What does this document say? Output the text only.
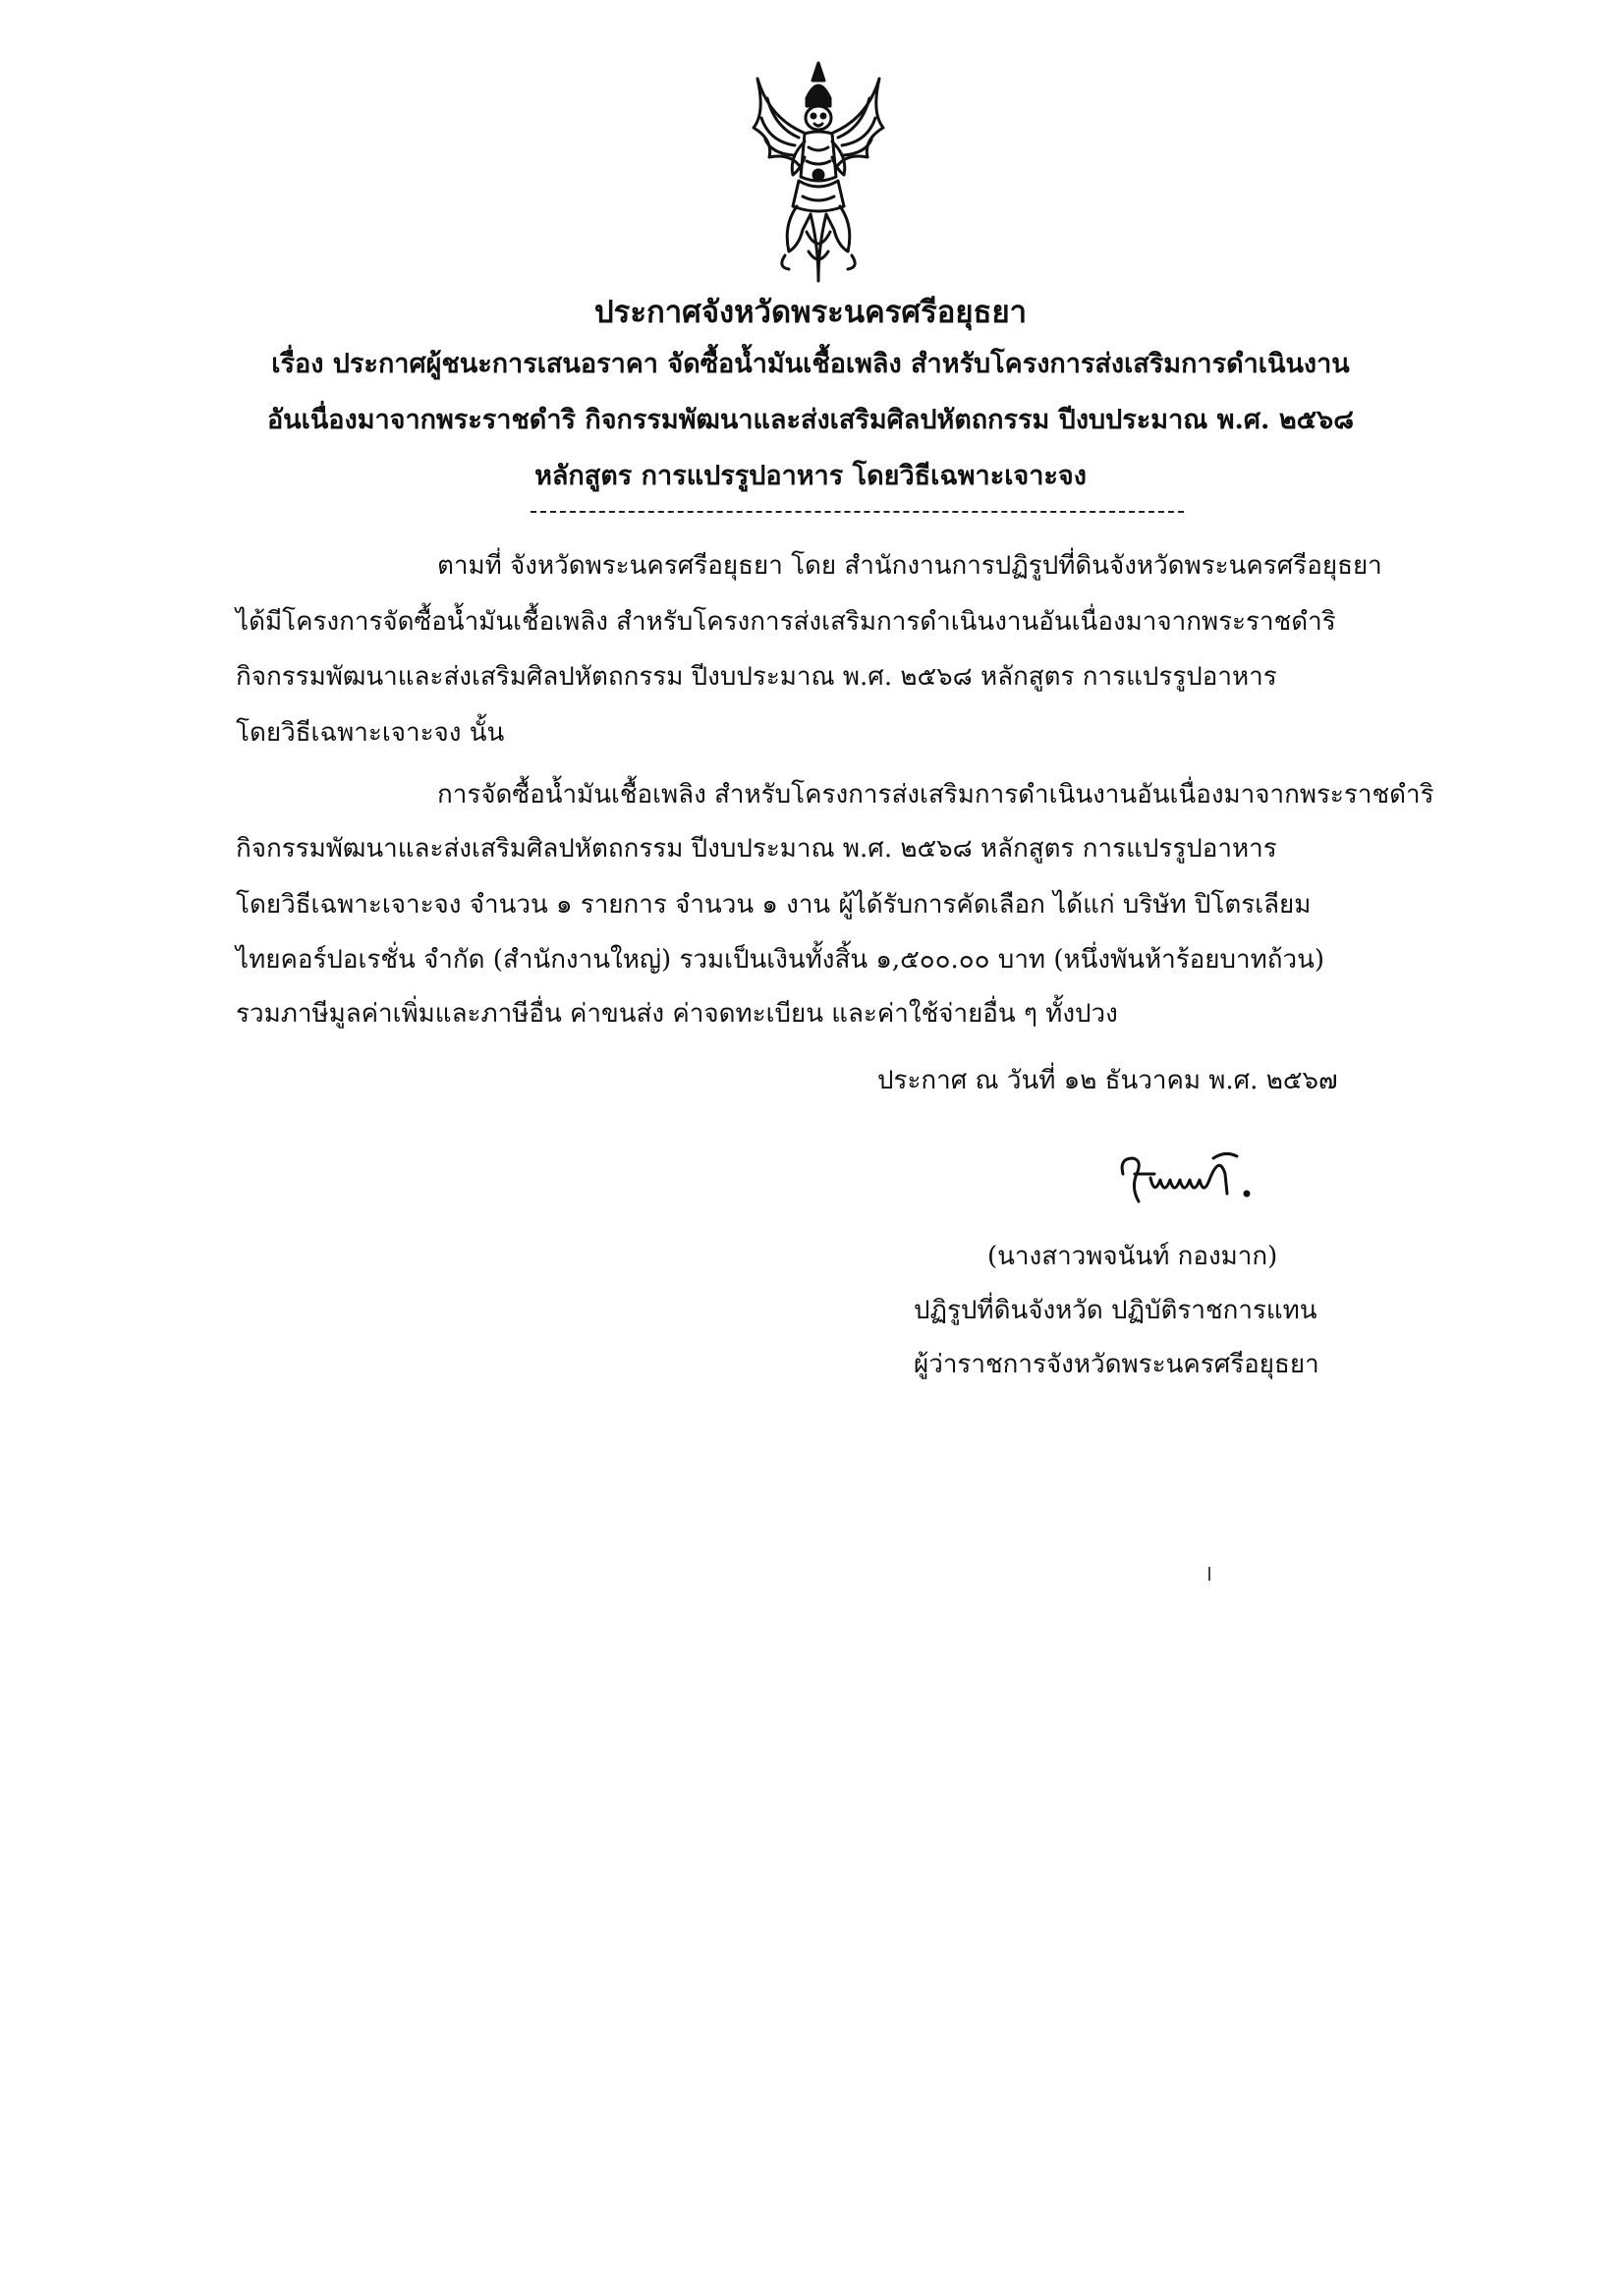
ประกาศจังหวัดพระนครศรีอยุธยา
เรื่อง ประกาศผู้ชนะการเสนอราคา จัดซื้อน้ำมันเชื้อเพลิง สำหรับโครงการส่งเสริมการดำเนินงาน
อันเนื่องมาจากพระราชดำริ กิจกรรมพัฒนาและส่งเสริมศิลปหัตถกรรม ปีงบประมาณ พ.ศ. ๒๕๖๘
หลักสูตร การแปรรูปอาหาร โดยวิธีเฉพาะเจาะจง
ตามที่ จังหวัดพระนครศรีอยุธยา โดย สำนักงานการปฏิรูปที่ดินจังหวัดพระนครศรีอยุธยา
ได้มีโครงการจัดซื้อน้ำมันเชื้อเพลิง สำหรับโครงการส่งเสริมการดำเนินงานอันเนื่องมาจากพระราชดำริ
กิจกรรมพัฒนาและส่งเสริมศิลปหัตถกรรม ปีงบประมาณ พ.ศ. ๒๕๖๘ หลักสูตร การแปรรูปอาหาร
โดยวิธีเฉพาะเจาะจง นั้น
การจัดซื้อน้ำมันเชื้อเพลิง สำหรับโครงการส่งเสริมการดำเนินงานอันเนื่องมาจากพระราชดำริ
กิจกรรมพัฒนาและส่งเสริมศิลปหัตถกรรม ปีงบประมาณ พ.ศ. ๒๕๖๘ หลักสูตร การแปรรูปอาหาร
โดยวิธีเฉพาะเจาะจง จำนวน ๑ รายการ จำนวน ๑ งาน ผู้ได้รับการคัดเลือก ได้แก่ บริษัท ปิโตรเลียม
ไทยคอร์ปอเรชั่น จำกัด (สำนักงานใหญ่) รวมเป็นเงินทั้งสิ้น ๑,๕๐๐.๐๐ บาท (หนึ่งพันห้าร้อยบาทถ้วน)
รวมภาษีมูลค่าเพิ่มและภาษีอื่น ค่าขนส่ง ค่าจดทะเบียน และค่าใช้จ่ายอื่น ๆ ทั้งปวง
ประกาศ ณ วันที่ ๑๒ ธันวาคม พ.ศ. ๒๕๖๗
(นางสาวพจนันท์ กองมาก)
ปฏิรูปที่ดินจังหวัด ปฏิบัติราชการแทน
ผู้ว่าราชการจังหวัดพระนครศรีอยุธยา
